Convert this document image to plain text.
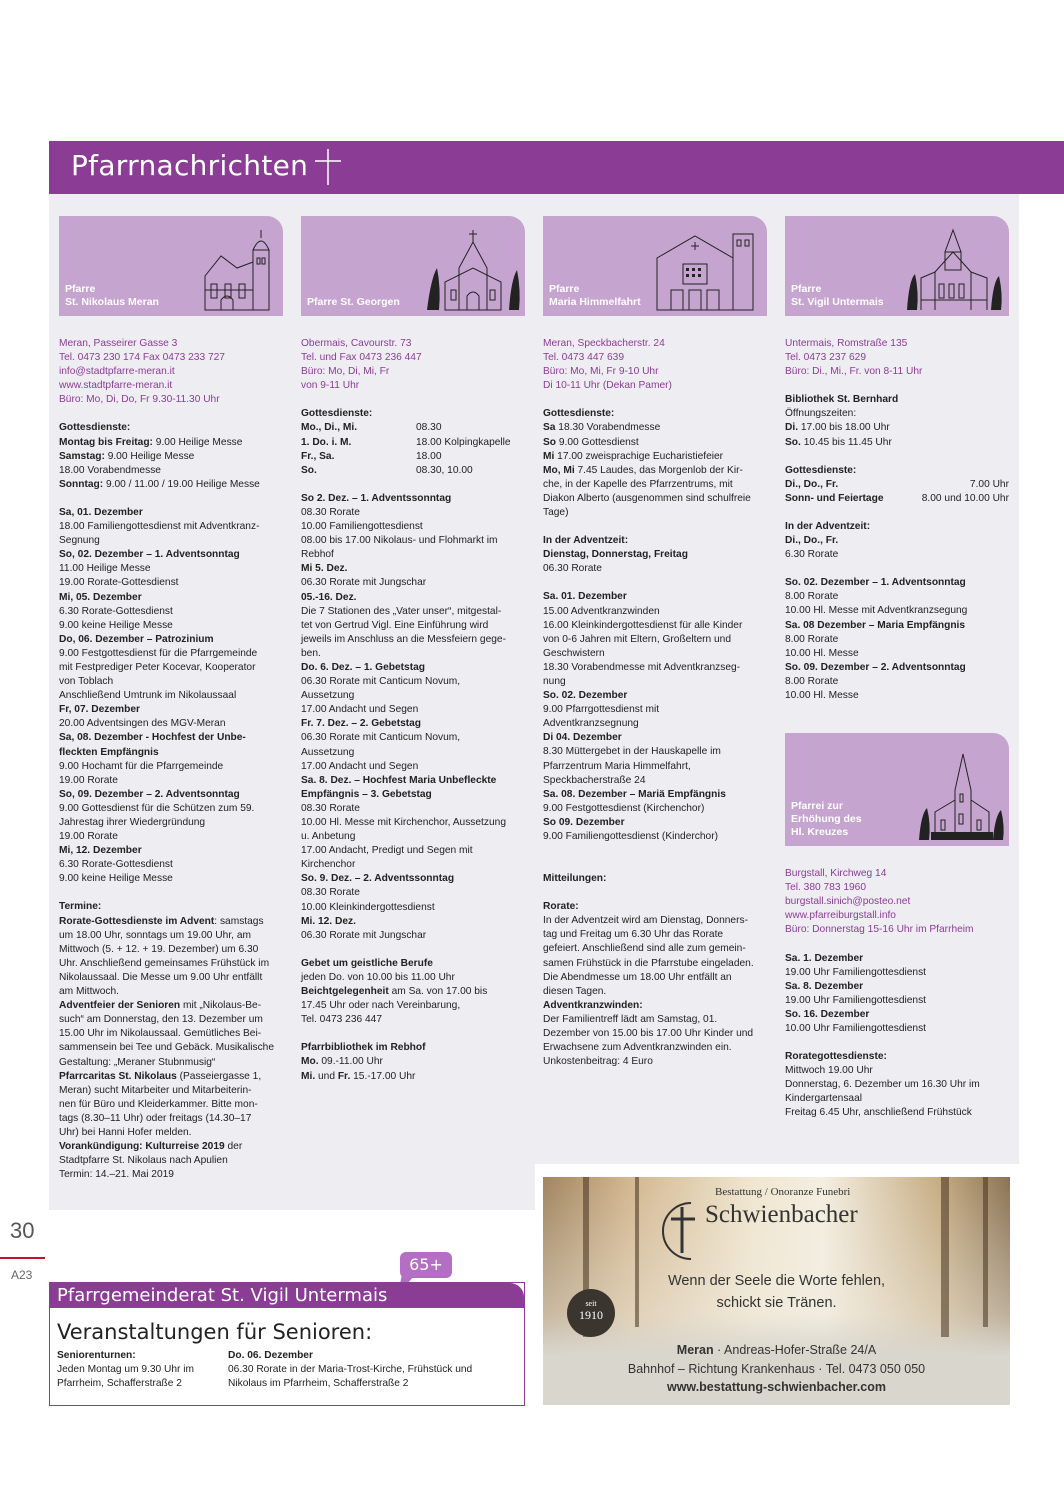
Pfarrnachrichten
Pfarre
St. Nikolaus Meran
Meran, Passeirer Gasse 3
Tel. 0473 230 174 Fax 0473 233 727
info@stadtpfarre-meran.it
www.stadtpfarre-meran.it
Büro: Mo, Di, Do, Fr 9.30-11.30 Uhr
Gottesdienste:
Montag bis Freitag: 9.00 Heilige Messe
Samstag: 9.00 Heilige Messe
18.00 Vorabendmesse
Sonntag: 9.00 / 11.00 / 19.00 Heilige Messe
Sa, 01. Dezember
18.00 Familiengottesdienst mit Adventkranz-
Segnung
So, 02. Dezember – 1. Adventsonntag
11.00 Heilige Messe
19.00 Rorate-Gottesdienst
Mi, 05. Dezember
6.30 Rorate-Gottesdienst
9.00 keine Heilige Messe
Do, 06. Dezember – Patrozinium
9.00 Festgottesdienst für die Pfarrgemeinde
mit Festprediger Peter Kocevar, Kooperator
von Toblach
Anschließend Umtrunk im Nikolaussaal
Fr, 07. Dezember
20.00 Adventsingen des MGV-Meran
Sa, 08. Dezember - Hochfest der Unbe-
fleckten Empfängnis
9.00 Hochamt für die Pfarrgemeinde
19.00 Rorate
So, 09. Dezember – 2. Adventsonntag
9.00 Gottesdienst für die Schützen zum 59.
Jahrestag ihrer Wiedergründung
19.00 Rorate
Mi, 12. Dezember
6.30 Rorate-Gottesdienst
9.00 keine Heilige Messe
Termine:
Rorate-Gottesdienste im Advent: samstags
um 18.00 Uhr, sonntags um 19.00 Uhr, am
Mittwoch (5. + 12. + 19. Dezember) um 6.30
Uhr. Anschließend gemeinsames Frühstück im
Nikolaussaal. Die Messe um 9.00 Uhr entfällt
am Mittwoch.
Adventfeier der Senioren mit „Nikolaus-Be-
such“ am Donnerstag, den 13. Dezember um
15.00 Uhr im Nikolaussaal. Gemütliches Bei-
sammensein bei Tee und Gebäck. Musikalische
Gestaltung: „Meraner Stubnmusig“
Pfarrcaritas St. Nikolaus (Passeiergasse 1,
Meran) sucht Mitarbeiter und Mitarbeiterin-
nen für Büro und Kleiderkammer. Bitte mon-
tags (8.30–11 Uhr) oder freitags (14.30–17
Uhr) bei Hanni Hofer melden.
Vorankündigung: Kulturreise 2019 der
Stadtpfarre St. Nikolaus nach Apulien
Termin: 14.–21. Mai 2019
Pfarre St. Georgen
Obermais, Cavourstr. 73
Tel. und Fax 0473 236 447
Büro: Mo, Di, Mi, Fr
von 9-11 Uhr
Gottesdienste:
Mo., Di., Mi.	08.30
1. Do. i. M.	18.00 Kolpingkapelle
Fr., Sa.	18.00
So.	08.30, 10.00
So 2. Dez. – 1. Adventssonntag
08.30 Rorate
10.00 Familiengottesdienst
08.00 bis 17.00 Nikolaus- und Flohmarkt im
Rebhof
Mi 5. Dez.
06.30 Rorate mit Jungschar
05.-16. Dez.
Die 7 Stationen des „Vater unser“, mitgestal-
tet von Gertrud Vigl. Eine Einführung wird
jeweils im Anschluss an die Messfeiern gege-
ben.
Do. 6. Dez. – 1. Gebetstag
06.30 Rorate mit Canticum Novum,
Aussetzung
17.00 Andacht und Segen
Fr. 7. Dez. – 2. Gebetstag
06.30 Rorate mit Canticum Novum,
Aussetzung
17.00 Andacht und Segen
Sa. 8. Dez. – Hochfest Maria Unbefleckte
Empfängnis – 3. Gebetstag
08.30 Rorate
10.00 Hl. Messe mit Kirchenchor, Aussetzung
u. Anbetung
17.00 Andacht, Predigt und Segen mit
Kirchenchor
So. 9. Dez. – 2. Adventssonntag
08.30 Rorate
10.00 Kleinkindergottesdienst
Mi. 12. Dez.
06.30 Rorate mit Jungschar
Gebet um geistliche Berufe
jeden Do. von 10.00 bis 11.00 Uhr
Beichtgelegenheit am Sa. von 17.00 bis
17.45 Uhr oder nach Vereinbarung,
Tel. 0473 236 447
Pfarrbibliothek im Rebhof
Mo. 09.-11.00 Uhr
Mi. und Fr. 15.-17.00 Uhr
Pfarre
Maria Himmelfahrt
Meran, Speckbacherstr. 24
Tel. 0473 447 639
Büro: Mo, Mi, Fr 9-10 Uhr
Di 10-11 Uhr (Dekan Pamer)
Gottesdienste:
Sa 18.30 Vorabendmesse
So 9.00 Gottesdienst
Mi 17.00 zweisprachige Eucharistiefeier
Mo, Mi 7.45 Laudes, das Morgenlob der Kir-
che, in der Kapelle des Pfarrzentrums, mit
Diakon Alberto (ausgenommen sind schulfreie
Tage)
In der Adventzeit:
Dienstag, Donnerstag, Freitag
06.30 Rorate
Sa. 01. Dezember
15.00 Adventkranzwinden
16.00 Kleinkindergottesdienst für alle Kinder
von 0-6 Jahren mit Eltern, Großeltern und
Geschwistern
18.30 Vorabendmesse mit Adventkranzseg-
nung
So. 02. Dezember
9.00 Pfarrgottesdienst mit
Adventkranzsegnung
Di 04. Dezember
8.30 Müttergebet in der Hauskapelle im
Pfarrzentrum Maria Himmelfahrt,
Speckbacherstraße 24
Sa. 08. Dezember – Mariä Empfängnis
9.00 Festgottesdienst (Kirchenchor)
So 09. Dezember
9.00 Familiengottesdienst (Kinderchor)
Mitteilungen:
Rorate:
In der Adventzeit wird am Dienstag, Donners-
tag und Freitag um 6.30 Uhr das Rorate
gefeiert. Anschließend sind alle zum gemein-
samen Frühstück in die Pfarrstube eingeladen.
Die Abendmesse um 18.00 Uhr entfällt an
diesen Tagen.
Adventkranzwinden:
Der Familientreff lädt am Samstag, 01.
Dezember von 15.00 bis 17.00 Uhr Kinder und
Erwachsene zum Adventkranzwinden ein.
Unkostenbeitrag: 4 Euro
Pfarre
St. Vigil Untermais
Untermais, Romstraße 135
Tel. 0473 237 629
Büro: Di., Mi., Fr. von 8-11 Uhr
Bibliothek St. Bernhard
Öffnungszeiten:
Di. 17.00 bis 18.00 Uhr
So. 10.45 bis 11.45 Uhr
Gottesdienste:
Di., Do., Fr.	7.00 Uhr
Sonn- und Feiertage	8.00 und 10.00 Uhr
In der Adventzeit:
Di., Do., Fr.
6.30 Rorate
So. 02. Dezember – 1. Adventsonntag
8.00 Rorate
10.00 Hl. Messe mit Adventkranzsegung
Sa. 08 Dezember – Maria Empfängnis
8.00 Rorate
10.00 Hl. Messe
So. 09. Dezember – 2. Adventsonntag
8.00 Rorate
10.00 Hl. Messe
Pfarrei zur
Erhöhung des
Hl. Kreuzes
Burgstall, Kirchweg 14
Tel. 380 783 1960
burgstall.sinich@posteo.net
www.pfarreiburgstall.info
Büro: Donnerstag 15-16 Uhr im Pfarrheim
Sa. 1. Dezember
19.00 Uhr Familiengottesdienst
Sa. 8. Dezember
19.00 Uhr Familiengottesdienst
So. 16. Dezember
10.00 Uhr Familiengottesdienst
Rorategottesdienste:
Mittwoch 19.00 Uhr
Donnerstag, 6. Dezember um 16.30 Uhr im
Kindergartensaal
Freitag 6.45 Uhr, anschließend Frühstück
30
A23
65+
Pfarrgemeinderat St. Vigil Untermais
Veranstaltungen für Senioren:
Seniorenturnen:
Jeden Montag um 9.30 Uhr im
Pfarrheim, Schafferstraße 2
Do. 06. Dezember
06.30 Rorate in der Maria-Trost-Kirche, Frühstück und
Nikolaus im Pfarrheim, Schafferstraße 2
Bestattung / Onoranze Funebri
Schwienbacher
Wenn der Seele die Worte fehlen,
schickt sie Tränen.
seit
1910
Meran · Andreas-Hofer-Straße 24/A
Bahnhof – Richtung Krankenhaus · Tel. 0473 050 050
www.bestattung-schwienbacher.com
